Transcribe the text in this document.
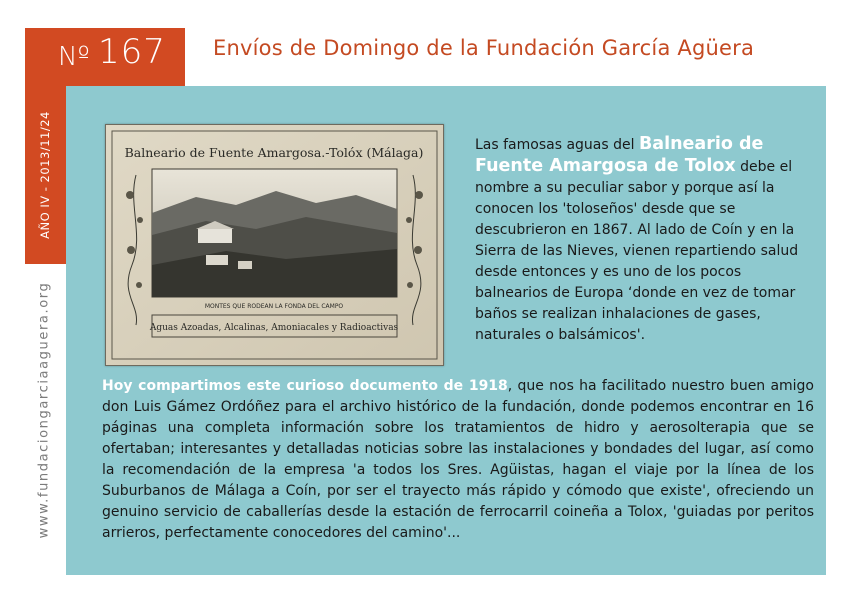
Nº 167 Envíos de Domingo de la Fundación García Agüera
AÑO IV - 2013/11/24
www.fundaciongarciaaguera.org
Balneario de Fuente Amargosa.-Tolóx (Málaga)
MONTES QUE RODEAN LA FONDA DEL CAMPO
Aguas Azoadas, Alcalinas, Amoniacales y Radioactivas
Las famosas aguas del Balneario de Fuente Amargosa de Tolox debe el nombre a su peculiar sabor y porque así la conocen los 'toloseños' desde que se descubrieron en 1867. Al lado de Coín y en la Sierra de las Nieves, vienen repartiendo salud desde entonces y es uno de los pocos balnearios de Europa ‘donde en vez de tomar baños se realizan inhalaciones de gases, naturales o balsámicos'.
Hoy compartimos este curioso documento de 1918, que nos ha facilitado nuestro buen amigo don Luis Gámez Ordóñez para el archivo histórico de la fundación, donde podemos encontrar en 16 páginas una completa información sobre los tratamientos de hidro y aerosolterapia que se ofertaban; interesantes y detalladas noticias sobre las instalaciones y bondades del lugar, así como la recomendación de la empresa 'a todos los Sres. Agüistas, hagan el viaje por la línea de los Suburbanos de Málaga a Coín, por ser el trayecto más rápido y cómodo que existe', ofreciendo un genuino servicio de caballerías desde la estación de ferrocarril coineña a Tolox, 'guiadas por peritos arrieros, perfectamente conocedores del camino'...
